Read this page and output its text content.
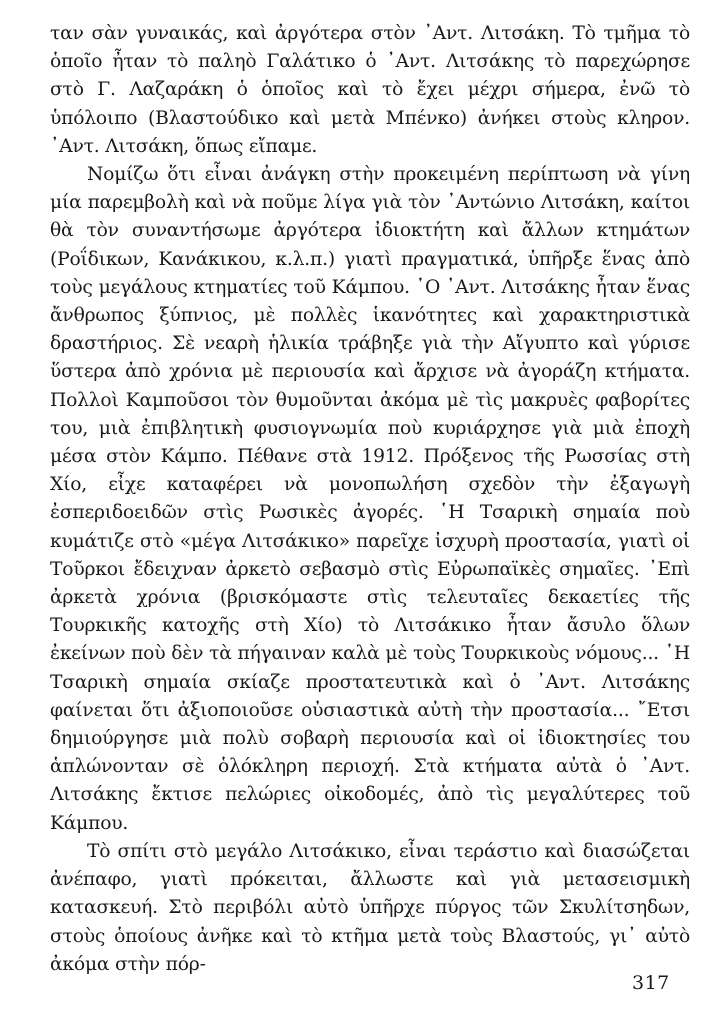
ταν σὰν γυναικάς, καὶ ἀργότερα στὸν ᾽Αντ. Λιτσάκη. Τὸ τμῆμα τὸ ὁποῖο ἦταν τὸ παληὸ Γαλάτικο ὁ ᾽Αντ. Λιτσάκης τὸ παρεχώρησε στὸ Γ. Λαζαράκη ὁ ὁποῖος καὶ τὸ ἔχει μέχρι σήμερα, ἐνῶ τὸ ὑπόλοιπο (Βλαστούδικο καὶ μετὰ Μπένκο) ἀνήκει στοὺς κληρον. ᾽Αντ. Λιτσάκη, ὅπως εἴπαμε.

Νομίζω ὅτι εἶναι ἀνάγκη στὴν προκειμένη περίπτωση νὰ γίνη μία παρεμβολὴ καὶ νὰ ποῦμε λίγα γιὰ τὸν ᾽Αντώνιο Λιτσάκη, καίτοι θὰ τὸν συναντήσωμε ἀργότερα ἰδιοκτήτη καὶ ἄλλων κτημάτων (Ροΐδικων, Κανάκικου, κ.λ.π.) γιατὶ πραγματικά, ὑπῆρξε ἕνας ἀπὸ τοὺς μεγάλους κτηματίες τοῦ Κάμπου. ῾Ο ᾽Αντ. Λιτσάκης ἦταν ἕνας ἄνθρωπος ξύπνιος, μὲ πολλὲς ἱκανότητες καὶ χαρακτηριστικὰ δραστήριος. Σὲ νεαρὴ ἡλικία τράβηξε γιὰ τὴν Αἴγυπτο καὶ γύρισε ὕστερα ἀπὸ χρόνια μὲ περιουσία καὶ ἄρχισε νὰ ἀγοράζη κτήματα. Πολλοὶ Καμποῦσοι τὸν θυμοῦνται ἀκόμα μὲ τὶς μακρυὲς φαβορίτες του, μιὰ ἐπιβλητικὴ φυσιογνωμία ποὺ κυριάρχησε γιὰ μιὰ ἐποχὴ μέσα στὸν Κάμπο. Πέθανε στὰ 1912. Πρόξενος τῆς Ρωσσίας στὴ Χίο, εἶχε καταφέρει νὰ μονοπωλήση σχεδὸν τὴν ἐξαγωγὴ ἐσπεριδοειδῶν στὶς Ρωσικὲς ἀγορές. ῾Η Τσαρικὴ σημαία ποὺ κυμάτιζε στὸ «μέγα Λιτσάκικο» παρεῖχε ἰσχυρὴ προστασία, γιατὶ οἱ Τοῦρκοι ἔδειχναν ἀρκετὸ σεβασμὸ στὶς Εὐρωπαϊκὲς σημαῖες. ᾽Επὶ ἀρκετὰ χρόνια (βρισκόμαστε στὶς τελευταῖες δεκαετίες τῆς Τουρκικῆς κατοχῆς στὴ Χίο) τὸ Λιτσάκικο ἦταν ἄσυλο ὅλων ἐκείνων ποὺ δὲν τὰ πήγαιναν καλὰ μὲ τοὺς Τουρκικοὺς νόμους... ῾Η Τσαρικὴ σημαία σκίαζε προστατευτικὰ καὶ ὁ ᾽Αντ. Λιτσάκης φαίνεται ὅτι ἀξιοποιοῦσε οὐσιαστικὰ αὐτὴ τὴν προστασία... ῎Ετσι δημιούργησε μιὰ πολὺ σοβαρὴ περιουσία καὶ οἱ ἰδιοκτησίες του ἁπλώνονταν σὲ ὁλόκληρη περιοχή. Στὰ κτήματα αὐτὰ ὁ ᾽Αντ. Λιτσάκης ἔκτισε πελώριες οἰκοδομές, ἀπὸ τὶς μεγαλύτερες τοῦ Κάμπου.

Τὸ σπίτι στὸ μεγάλο Λιτσάκικο, εἶναι τεράστιο καὶ διασώζεται ἀνέπαφο, γιατὶ πρόκειται, ἄλλωστε καὶ γιὰ μετασεισμικὴ κατασκευή. Στὸ περιβόλι αὐτὸ ὑπῆρχε πύργος τῶν Σκυλίτσηδων, στοὺς ὁποίους ἀνῆκε καὶ τὸ κτῆμα μετὰ τοὺς Βλαστούς, γι᾽ αὐτὸ ἀκόμα στὴν πόρ-

317
